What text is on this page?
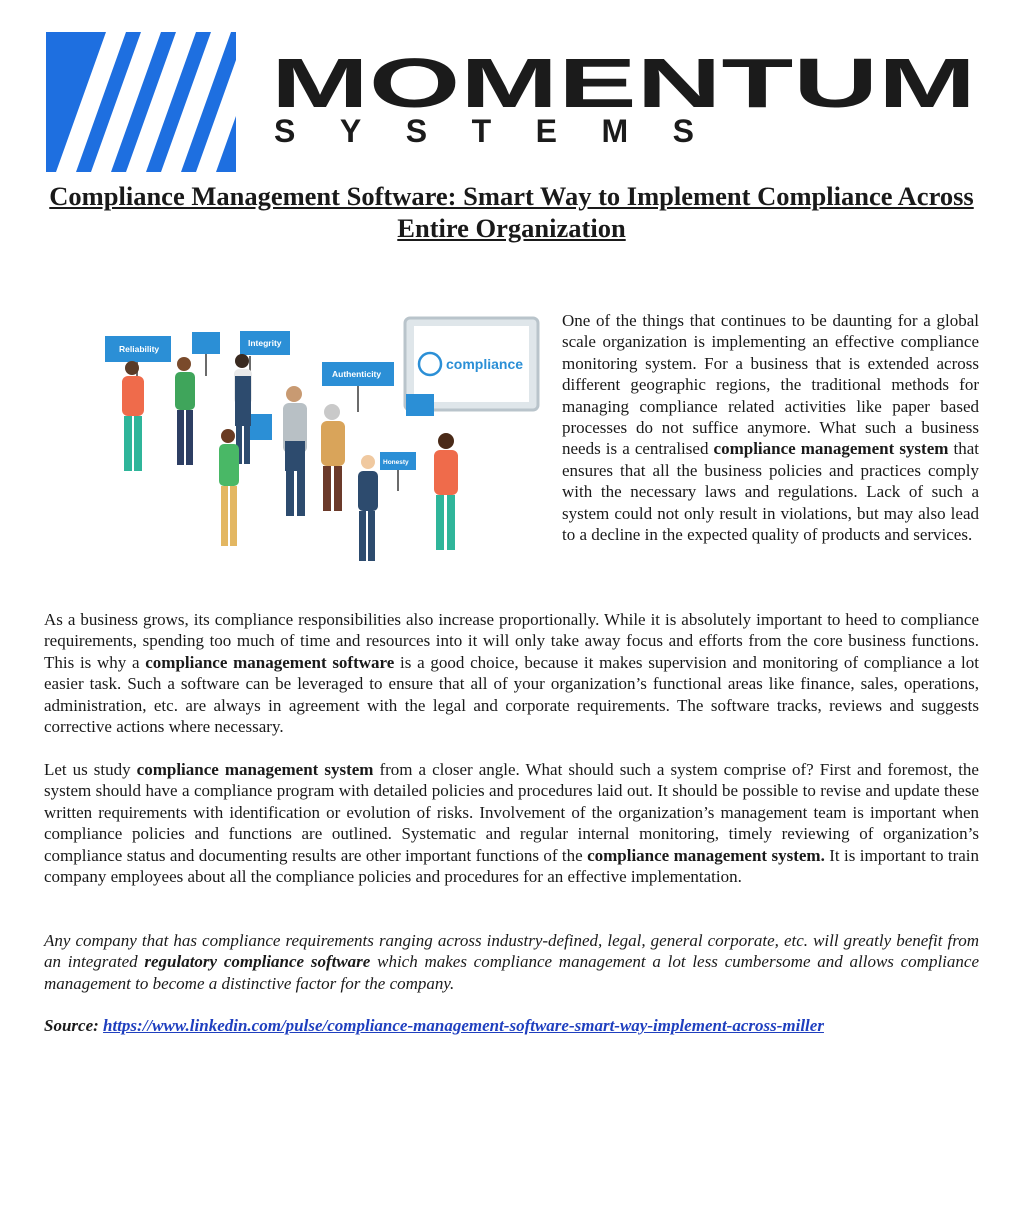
MOMENTUM
SYSTEMS
Compliance Management Software: Smart Way to Implement Compliance Across Entire Organization
compliance
Reliability
Integrity
Authenticity
Honesty

One of the things that continues to be daunting for a global scale organization is implementing an effective compliance monitoring system. For a business that is extended across different geographic regions, the traditional methods for managing compliance related activities like paper based processes do not suffice anymore. What such a business needs is a centralised compliance management system that ensures that all the business policies and practices comply with the necessary laws and regulations. Lack of such a system could not only result in violations, but may also lead to a decline in the expected quality of products and services.

As a business grows, its compliance responsibilities also increase proportionally. While it is absolutely important to heed to compliance requirements, spending too much of time and resources into it will only take away focus and efforts from the core business functions. This is why a compliance management software is a good choice, because it makes supervision and monitoring of compliance a lot easier task. Such a software can be leveraged to ensure that all of your organization’s functional areas like finance, sales, operations, administration, etc. are always in agreement with the legal and corporate requirements. The software tracks, reviews and suggests corrective actions where necessary.

Let us study compliance management system from a closer angle. What should such a system comprise of? First and foremost, the system should have a compliance program with detailed policies and procedures laid out. It should be possible to revise and update these written requirements with identification or evolution of risks. Involvement of the organization’s management team is important when compliance policies and functions are outlined. Systematic and regular internal monitoring, timely reviewing of organization’s compliance status and documenting results are other important functions of the compliance management system. It is important to train company employees about all the compliance policies and procedures for an effective implementation.

Any company that has compliance requirements ranging across industry-defined, legal, general corporate, etc. will greatly benefit from an integrated regulatory compliance software which makes compliance management a lot less cumbersome and allows compliance management to become a distinctive factor for the company.

Source: https://www.linkedin.com/pulse/compliance-management-software-smart-way-implement-across-miller
